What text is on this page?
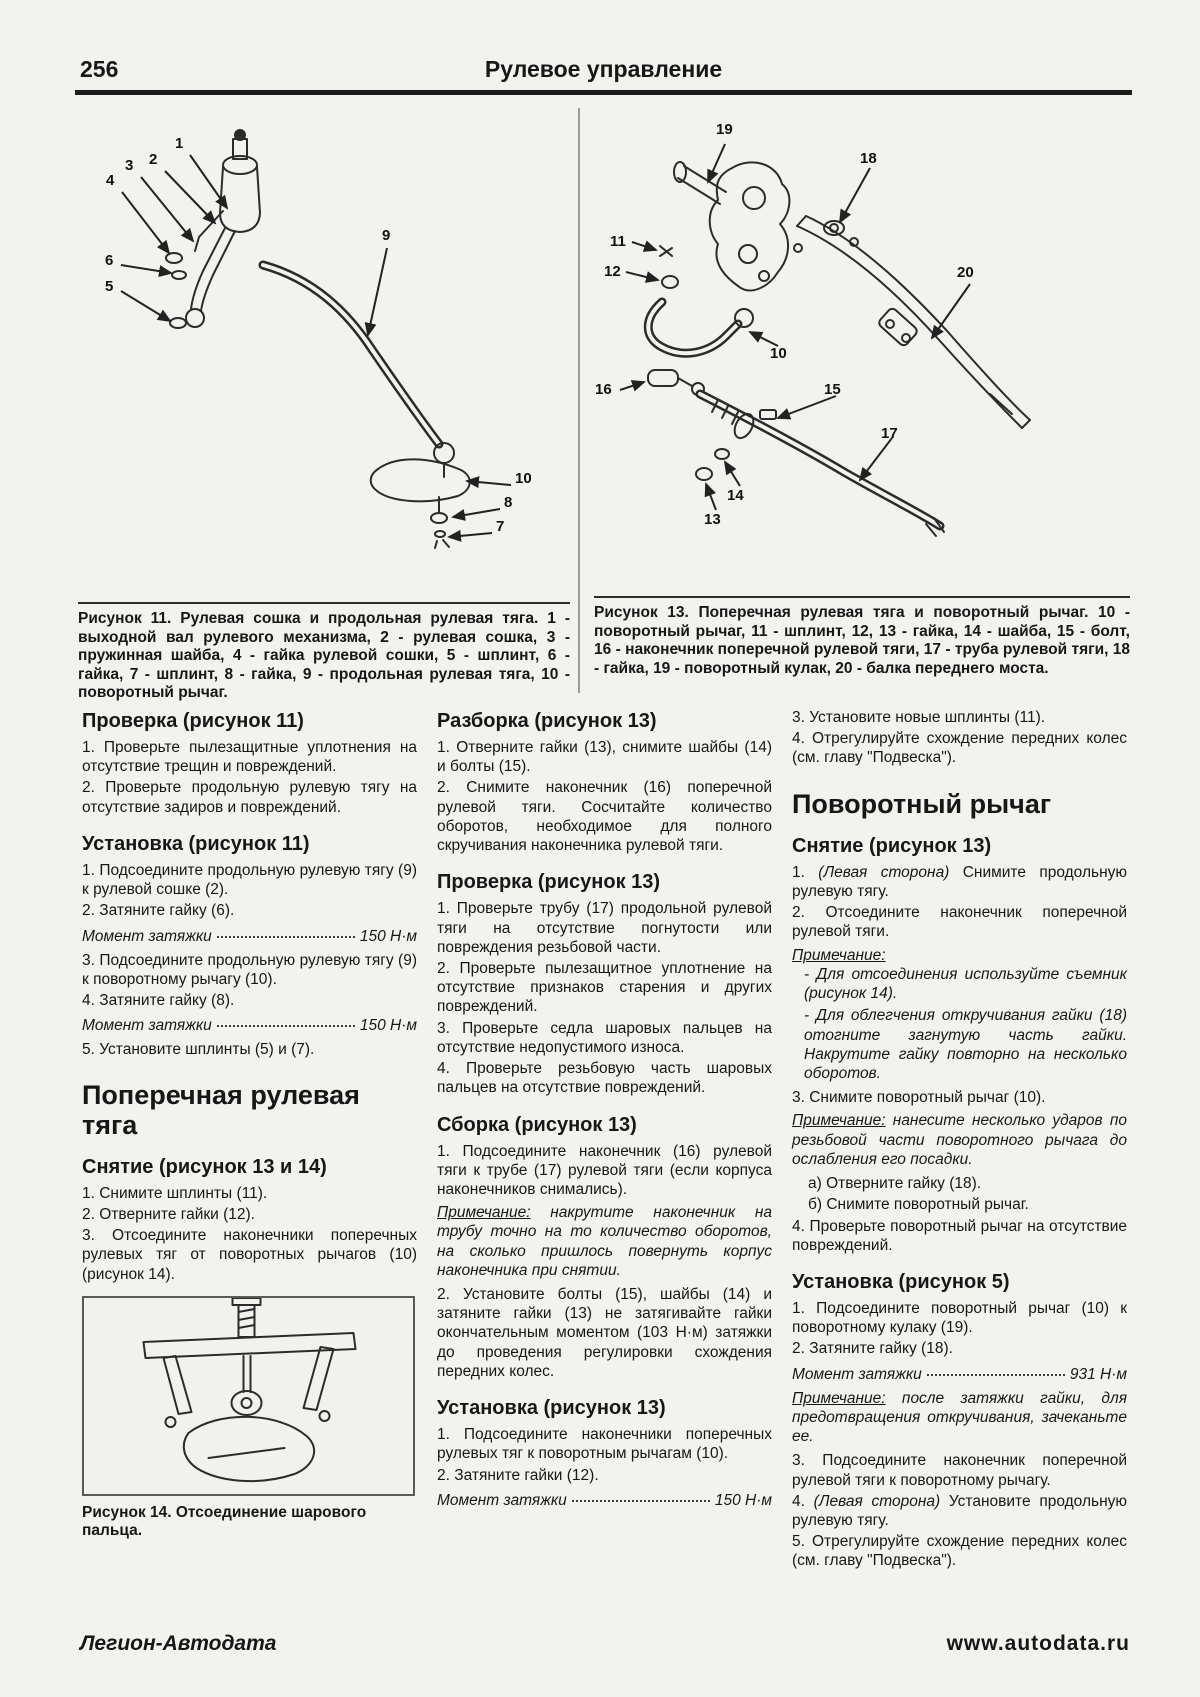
256	Рулевое управление
1
2
3
4
6
5
9
10
8
7
19
18
11
12
10
20
16	15
17
14
13
Рисунок 11. Рулевая сошка и продольная рулевая тяга. 1 - выходной вал рулевого механизма, 2 - рулевая сошка, 3 - пружинная шайба, 4 - гайка рулевой сошки, 5 - шплинт, 6 - гайка, 7 - шплинт, 8 - гайка, 9 - продольная рулевая тяга, 10 - поворотный рычаг.
Рисунок 13. Поперечная рулевая тяга и поворотный рычаг. 10 - поворотный рычаг, 11 - шплинт, 12, 13 - гайка, 14 - шайба, 15 - болт, 16 - наконечник поперечной рулевой тяги, 17 - труба рулевой тяги, 18 - гайка, 19 - поворотный кулак, 20 - балка переднего моста.
Проверка (рисунок 11)

1. Проверьте пылезащитные уплотнения на отсутствие трещин и повреждений.

2. Проверьте продольную рулевую тягу на отсутствие задиров и повреждений.

Установка (рисунок 11)

1. Подсоедините продольную рулевую тягу (9) к рулевой сошке (2).

2. Затяните гайку (6).

Момент затяжки	150 Н·м

3. Подсоедините продольную рулевую тягу (9) к поворотному рычагу (10).

4. Затяните гайку (8).

Момент затяжки	150 Н·м

5. Установите шплинты (5) и (7).

Поперечная рулевая тяга
Снятие (рисунок 13 и 14)

1. Снимите шплинты (11).

2. Отверните гайки (12).

3. Отсоедините наконечники поперечных рулевых тяг от поворотных рычагов (10) (рисунок 14).

Рисунок 14. Отсоединение шарового пальца.
Разборка (рисунок 13)

1. Отверните гайки (13), снимите шайбы (14) и болты (15).

2. Снимите наконечник (16) поперечной рулевой тяги. Сосчитайте количество оборотов, необходимое для полного скручивания наконечника рулевой тяги.

Проверка (рисунок 13)

1. Проверьте трубу (17) продольной рулевой тяги на отсутствие погнутости или повреждения резьбовой части.

2. Проверьте пылезащитное уплотнение на отсутствие признаков старения и других повреждений.

3. Проверьте седла шаровых пальцев на отсутствие недопустимого износа.

4. Проверьте резьбовую часть шаровых пальцев на отсутствие повреждений.

Сборка (рисунок 13)

1. Подсоедините наконечник (16) рулевой тяги к трубе (17) рулевой тяги (если корпуса наконечников снимались).

Примечание: накрутите наконечник на трубу точно на то количество оборотов, на сколько пришлось повернуть корпус наконечника при снятии.

2. Установите болты (15), шайбы (14) и затяните гайки (13) не затягивайте гайки окончательным моментом (103 Н·м) затяжки до проведения регулировки схождения передних колес.

Установка (рисунок 13)

1. Подсоедините наконечники поперечных рулевых тяг к поворотным рычагам (10).

2. Затяните гайки (12).

Момент затяжки	150 Н·м

3. Установите новые шплинты (11).

4. Отрегулируйте схождение передних колес (см. главу "Подвеска").

Поворотный рычаг
Снятие (рисунок 13)

1. (Левая сторона) Снимите продольную рулевую тягу.

2. Отсоедините наконечник поперечной рулевой тяги.

Примечание:

- Для отсоединения используйте съемник (рисунок 14).

- Для облегчения откручивания гайки (18) отогните загнутую часть гайки. Накрутите гайку повторно на несколько оборотов.

3. Снимите поворотный рычаг (10).

Примечание: нанесите несколько ударов по резьбовой части поворотного рычага до ослабления его посадки.

а) Отверните гайку (18).

б) Снимите поворотный рычаг.

4. Проверьте поворотный рычаг на отсутствие повреждений.

Установка (рисунок 5)

1. Подсоедините поворотный рычаг (10) к поворотному кулаку (19).

2. Затяните гайку (18).

Момент затяжки	931 Н·м

Примечание: после затяжки гайки, для предотвращения откручивания, зачеканьте ее.

3. Подсоедините наконечник поперечной рулевой тяги к поворотному рычагу.

4. (Левая сторона) Установите продольную рулевую тягу.

5. Отрегулируйте схождение передних колес (см. главу "Подвеска").

Легион-Автодата	www.autodata.ru
